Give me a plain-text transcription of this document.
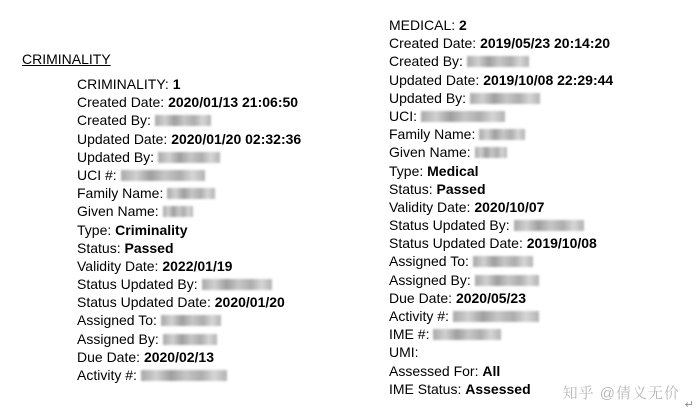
CRIMINALITY
CRIMINALITY: 1
Created Date: 2020/01/13 21:06:50
Created By:
Updated Date: 2020/01/20 02:32:36
Updated By:
UCI #:
Family Name:
Given Name:
Type: Criminality
Status: Passed
Validity Date: 2022/01/19
Status Updated By:
Status Updated Date: 2020/01/20
Assigned To:
Assigned By:
Due Date: 2020/02/13
Activity #:
MEDICAL: 2
Created Date: 2019/05/23 20:14:20
Created By:
Updated Date: 2019/10/08 22:29:44
Updated By:
UCI:
Family Name:
Given Name:
Type: Medical
Status: Passed
Validity Date: 2020/10/07
Status Updated By:
Status Updated Date: 2019/10/08
Assigned To:
Assigned By:
Due Date: 2020/05/23
Activity #:
IME #:
UMI:
Assessed For: All
IME Status: Assessed	知乎 @倩义无价
↵
